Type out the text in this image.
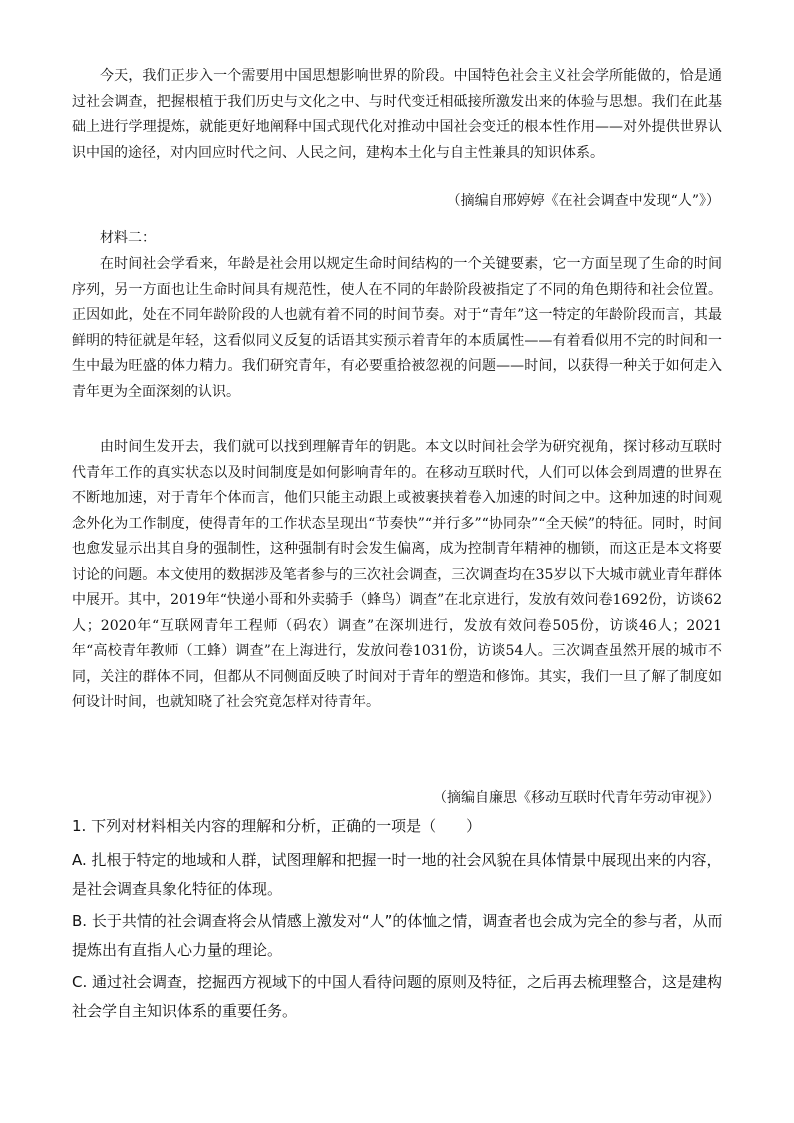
今天，我们正步入一个需要用中国思想影响世界的阶段。中国特色社会主义社会学所能做的，恰是通过社会调查，把握根植于我们历史与文化之中、与时代变迁相砥接所激发出来的体验与思想。我们在此基础上进行学理提炼，就能更好地阐释中国式现代化对推动中国社会变迁的根本性作用——对外提供世界认识中国的途径，对内回应时代之问、人民之问，建构本土化与自主性兼具的知识体系。

（摘编自邢婷婷《在社会调查中发现“人”》）
材料二：

在时间社会学看来，年龄是社会用以规定生命时间结构的一个关键要素，它一方面呈现了生命的时间序列，另一方面也让生命时间具有规范性，使人在不同的年龄阶段被指定了不同的角色期待和社会位置。正因如此，处在不同年龄阶段的人也就有着不同的时间节奏。对于“青年”这一特定的年龄阶段而言，其最鲜明的特征就是年轻，这看似同义反复的话语其实预示着青年的本质属性——有着看似用不完的时间和一生中最为旺盛的体力精力。我们研究青年，有必要重拾被忽视的问题——时间，以获得一种关于如何走入青年更为全面深刻的认识。

由时间生发开去，我们就可以找到理解青年的钥匙。本文以时间社会学为研究视角，探讨移动互联时代青年工作的真实状态以及时间制度是如何影响青年的。在移动互联时代，人们可以体会到周遭的世界在不断地加速，对于青年个体而言，他们只能主动跟上或被裹挟着卷入加速的时间之中。这种加速的时间观念外化为工作制度，使得青年的工作状态呈现出“节奏快”“并行多”“协同杂”“全天候”的特征。同时，时间也愈发显示出其自身的强制性，这种强制有时会发生偏离，成为控制青年精神的枷锁，而这正是本文将要讨论的问题。本文使用的数据涉及笔者参与的三次社会调查，三次调查均在35岁以下大城市就业青年群体中展开。其中，2019年“快递小哥和外卖骑手（蜂鸟）调查”在北京进行，发放有效问卷1692份，访谈62人；2020年“互联网青年工程师（码农）调查”在深圳进行，发放有效问卷505份，访谈46人；2021年“高校青年教师（工蜂）调查”在上海进行，发放问卷1031份，访谈54人。三次调查虽然开展的城市不同，关注的群体不同，但都从不同侧面反映了时间对于青年的塑造和修饰。其实，我们一旦了解了制度如何设计时间，也就知晓了社会究竟怎样对待青年。

（摘编自廉思《移动互联时代青年劳动审视》）

1. 下列对材料相关内容的理解和分析，正确的一项是（　　）

A. 扎根于特定的地域和人群，试图理解和把握一时一地的社会风貌在具体情景中展现出来的内容，是社会调查具象化特征的体现。

B. 长于共情的社会调查将会从情感上激发对“人”的体恤之情，调查者也会成为完全的参与者，从而提炼出有直指人心力量的理论。

C. 通过社会调查，挖掘西方视域下的中国人看待问题的原则及特征，之后再去梳理整合，这是建构社会学自主知识体系的重要任务。
